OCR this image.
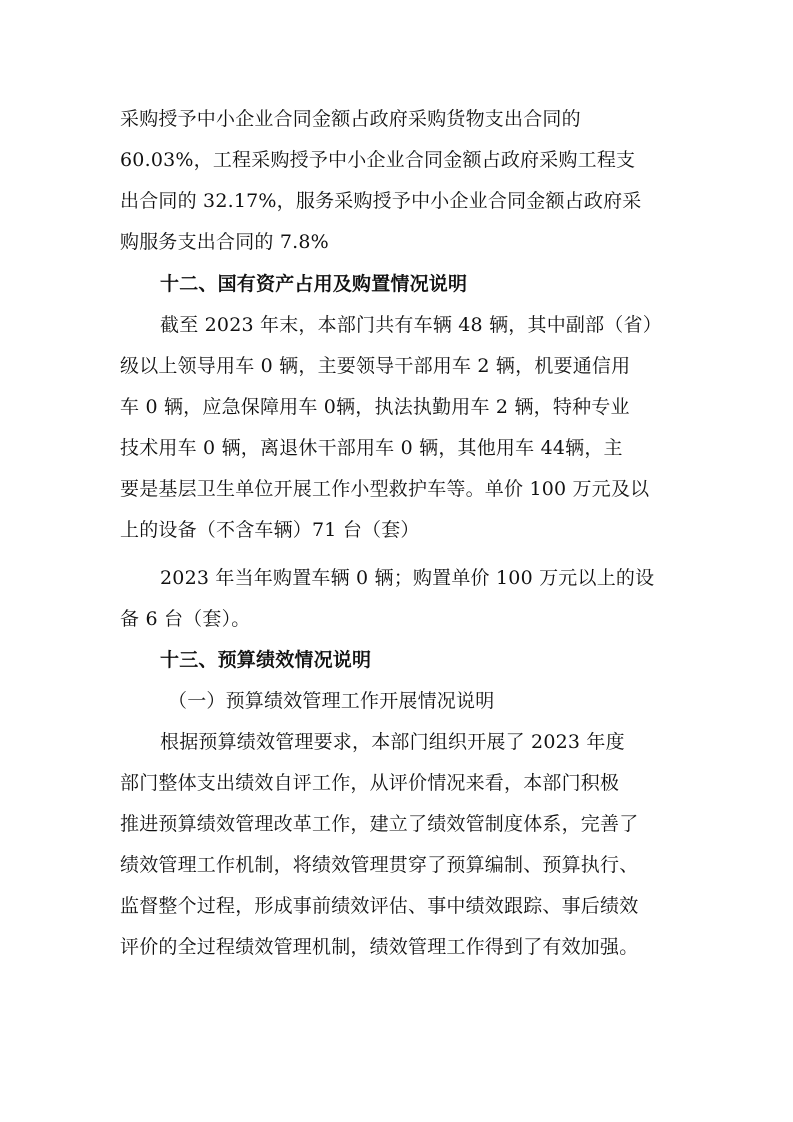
采购授予中小企业合同金额占政府采购货物支出合同的
60.03%，工程采购授予中小企业合同金额占政府采购工程支
出合同的 32.17%，服务采购授予中小企业合同金额占政府采
购服务支出合同的 7.8%
十二、国有资产占用及购置情况说明
截至 2023 年末，本部门共有车辆 48 辆，其中副部（省）
级以上领导用车 0 辆，主要领导干部用车 2 辆，机要通信用
车 0 辆，应急保障用车 0辆，执法执勤用车 2 辆，特种专业
技术用车 0 辆，离退休干部用车 0 辆，其他用车 44辆，主
要是基层卫生单位开展工作小型救护车等。单价 100 万元及以
上的设备（不含车辆）71 台（套）
2023 年当年购置车辆 0 辆；购置单价 100 万元以上的设
备 6 台（套）。
十三、预算绩效情况说明
（一）预算绩效管理工作开展情况说明
根据预算绩效管理要求，本部门组织开展了 2023 年度
部门整体支出绩效自评工作，从评价情况来看，本部门积极
推进预算绩效管理改革工作，建立了绩效管制度体系，完善了
绩效管理工作机制，将绩效管理贯穿了预算编制、预算执行、
监督整个过程，形成事前绩效评估、事中绩效跟踪、事后绩效
评价的全过程绩效管理机制，绩效管理工作得到了有效加强。
